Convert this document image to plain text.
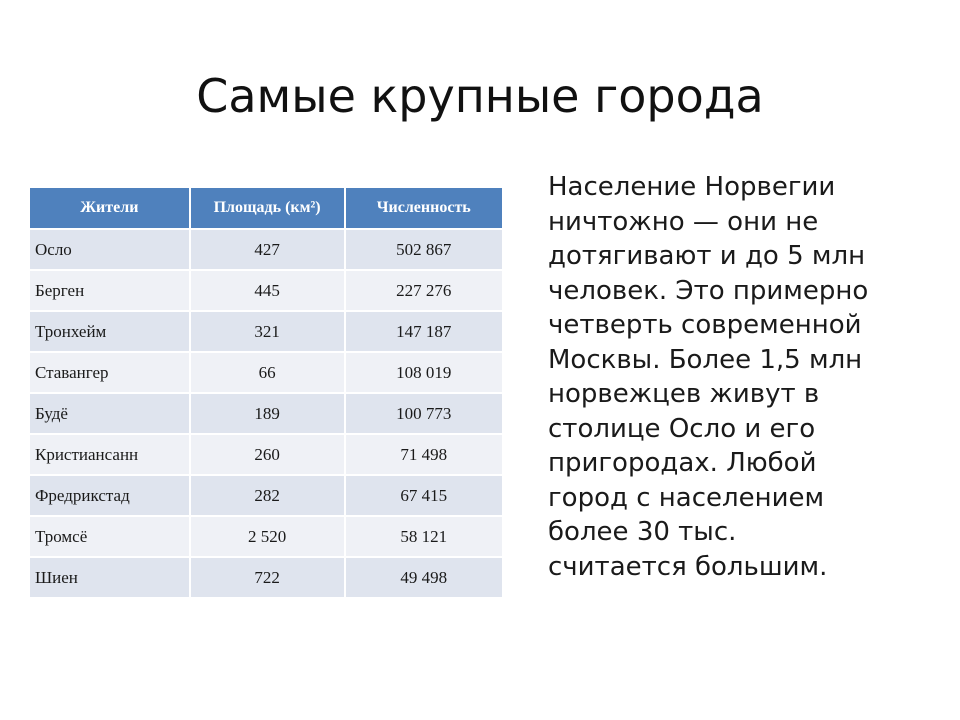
Самые крупные города
Жители	Площадь (км²)	Численность
Осло	427	502 867
Берген	445	227 276
Тронхейм	321	147 187
Ставангер	66	108 019
Будё	189	100 773
Кристиансанн	260	71 498
Фредрикстад	282	67 415
Тромсё	2 520	58 121
Шиен	722	49 498

Население Норвегии
ничтожно — они не
дотягивают и до 5 млн
человек. Это примерно
четверть современной
Москвы. Более 1,5 млн
норвежцев живут в
столице Осло и его
пригородах. Любой
город с населением
более 30 тыс.
считается большим.
